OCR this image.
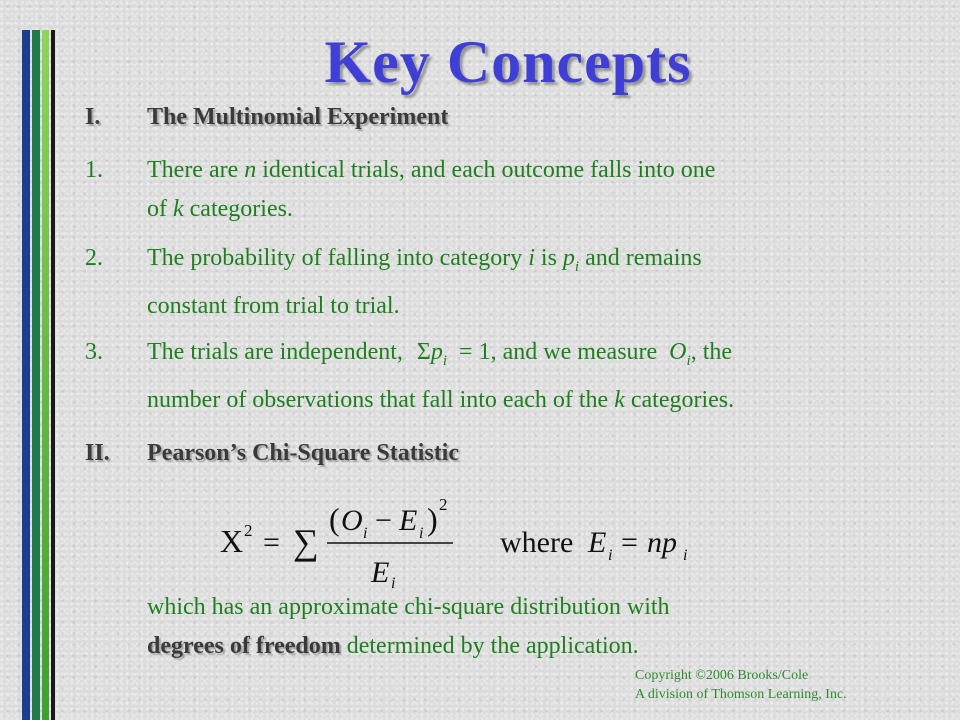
Key Concepts
I. The Multinomial Experiment
1. There are n identical trials, and each outcome falls into one
of k categories.
2. The probability of falling into category i is $p_i$ and remains
constant from trial to trial.
3. The trials are independent, $\Sigma p_i = 1$, and we measure $O_i$, the
number of observations that fall into each of the k categories.
II. Pearson’s Chi-Square Statistic
X 2 = ∑
( O i − E i ) 2
E i
where E i = np i
which has an approximate chi-square distribution with
degrees of freedom determined by the application.
Copyright ©2006 Brooks/Cole
A division of Thomson Learning, Inc.
